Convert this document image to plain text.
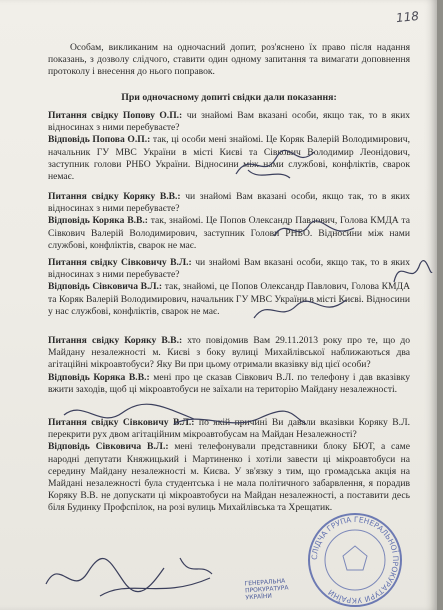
118
Особам, викликаним на одночасний допит, роз'яснено їх право після надання показань, з дозволу слідчого, ставити один одному запитання та вимагати доповнення протоколу і внесення до нього поправок.
При одночасному допиті свідки дали показання:
Питання свідку Попову О.П.: чи знайомі Вам вказані особи, якщо так, то в яких відносинах з ними перебуваєте?
Відповідь Попова О.П.: так, ці особи мені знайомі. Це Коряк Валерій Володимирович, начальник ГУ МВС України в місті Києві та Сівкович Володимир Леонідович, заступник голови РНБО України. Відносини між нами службові, конфліктів, сварок немає.
Питання свідку Коряку В.В.: чи знайомі Вам вказані особи, якщо так, то в яких відносинах з ними перебуваєте?
Відповідь Коряка В.В.: так, знайомі. Це Попов Олександр Павлович, Голова КМДА та Сівкович Валерій Володимирович, заступник Голови РНБО. Відносини між нами службові, конфліктів, сварок не має.
Питання свідку Сівковичу В.Л.: чи знайомі Вам вказані особи, якщо так, то в яких відносинах з ними перебуваєте?
Відповідь Сівковича В.Л.: так, знайомі, це Попов Олександр Павлович, Голова КМДА та Коряк Валерій Володимирович, начальник ГУ МВС України в місті Києві. Відносини у нас службові, конфліктів, сварок не має.
Питання свідку Коряку В.В.: хто повідомив Вам 29.11.2013 року про те, що до Майдану незалежності м. Києві з боку вулиці Михайлівської наближаються два агітаційні мікроавтобуси? Яку Ви при цьому отримали вказівку від цієї особи?
Відповідь Коряка В.В.: мені про це сказав Сівкович В.Л. по телефону і дав вказівку вжити заходів, щоб ці мікроавтобуси не заїхали на територію Майдану незалежності.
Питання свідку Сівковичу В.Л.: по якій причині Ви давали вказівки Коряку В.Л. перекрити рух двом агітаційним мікроавтобусам на Майдан Незалежності?
Відповідь Сівковича В.Л.: мені телефонували представники блоку БЮТ, а саме народні депутати Княжицький і Мартиненко і хотіли завести ці мікроавтобуси на середину Майдану незалежності м. Києва. У зв'язку з тим, що громадська акція на Майдані незалежності була студентська і не мала політичного забарвлення, я порадив Коряку В.В. не допускати ці мікроавтобуси на Майдан незалежності, а поставити десь біля Будинку Профспілок, на розі вулиць Михайлівська та Хрещатик.
СЛІДЧА ГРУПА ГЕНЕРАЛЬНОЇ ПРОКУРАТУРИ УКРАЇНИ
ГЕНЕРАЛЬНА ПРОКУРАТУРА УКРАЇНИ
